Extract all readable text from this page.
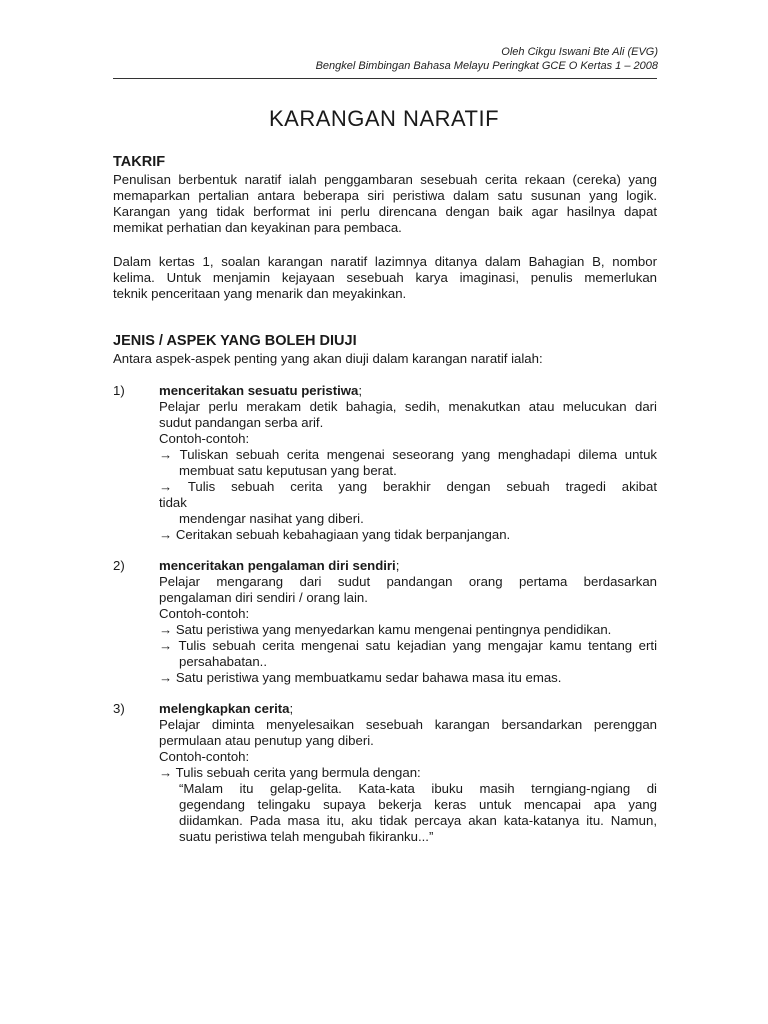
Oleh Cikgu Iswani Bte Ali (EVG)
Bengkel Bimbingan Bahasa Melayu Peringkat GCE O Kertas 1 – 2008
KARANGAN NARATIF
TAKRIF
Penulisan berbentuk naratif ialah penggambaran sesebuah cerita rekaan (cereka) yang
memaparkan pertalian antara beberapa siri peristiwa dalam satu susunan yang logik.
Karangan yang tidak berformat ini perlu direncana dengan baik agar hasilnya dapat
memikat perhatian dan keyakinan para pembaca.
Dalam kertas 1, soalan karangan naratif lazimnya ditanya dalam Bahagian B, nombor
kelima. Untuk menjamin kejayaan sesebuah karya imaginasi, penulis memerlukan
teknik penceritaan yang menarik dan meyakinkan.
JENIS / ASPEK YANG BOLEH DIUJI
Antara aspek-aspek penting yang akan diuji dalam karangan naratif ialah:
1)	menceritakan sesuatu peristiwa;
Pelajar perlu merakam detik bahagia, sedih, menakutkan atau melucukan dari
sudut pandangan serba arif.
Contoh-contoh:
→ Tuliskan sebuah cerita mengenai seseorang yang menghadapi dilema untuk
membuat satu keputusan yang berat.
→ Tulis sebuah cerita yang berakhir dengan sebuah tragedi akibat
tidak
mendengar nasihat yang diberi.
→ Ceritakan sebuah kebahagiaan yang tidak berpanjangan.
2)	menceritakan pengalaman diri sendiri;
Pelajar mengarang dari sudut pandangan orang pertama berdasarkan
pengalaman diri sendiri / orang lain.
Contoh-contoh:
→ Satu peristiwa yang menyedarkan kamu mengenai pentingnya pendidikan.
→ Tulis sebuah cerita mengenai satu kejadian yang mengajar kamu tentang erti
persahabatan..
→ Satu peristiwa yang membuatkamu sedar bahawa masa itu emas.
3)	melengkapkan cerita;
Pelajar diminta menyelesaikan sesebuah karangan bersandarkan perenggan
permulaan atau penutup yang diberi.
Contoh-contoh:
→ Tulis sebuah cerita yang bermula dengan:
“Malam itu gelap-gelita. Kata-kata ibuku masih terngiang-ngiang di
gegendang telingaku supaya bekerja keras untuk mencapai apa yang
diidamkan. Pada masa itu, aku tidak percaya akan kata-katanya itu. Namun,
suatu peristiwa telah mengubah fikiranku...”
